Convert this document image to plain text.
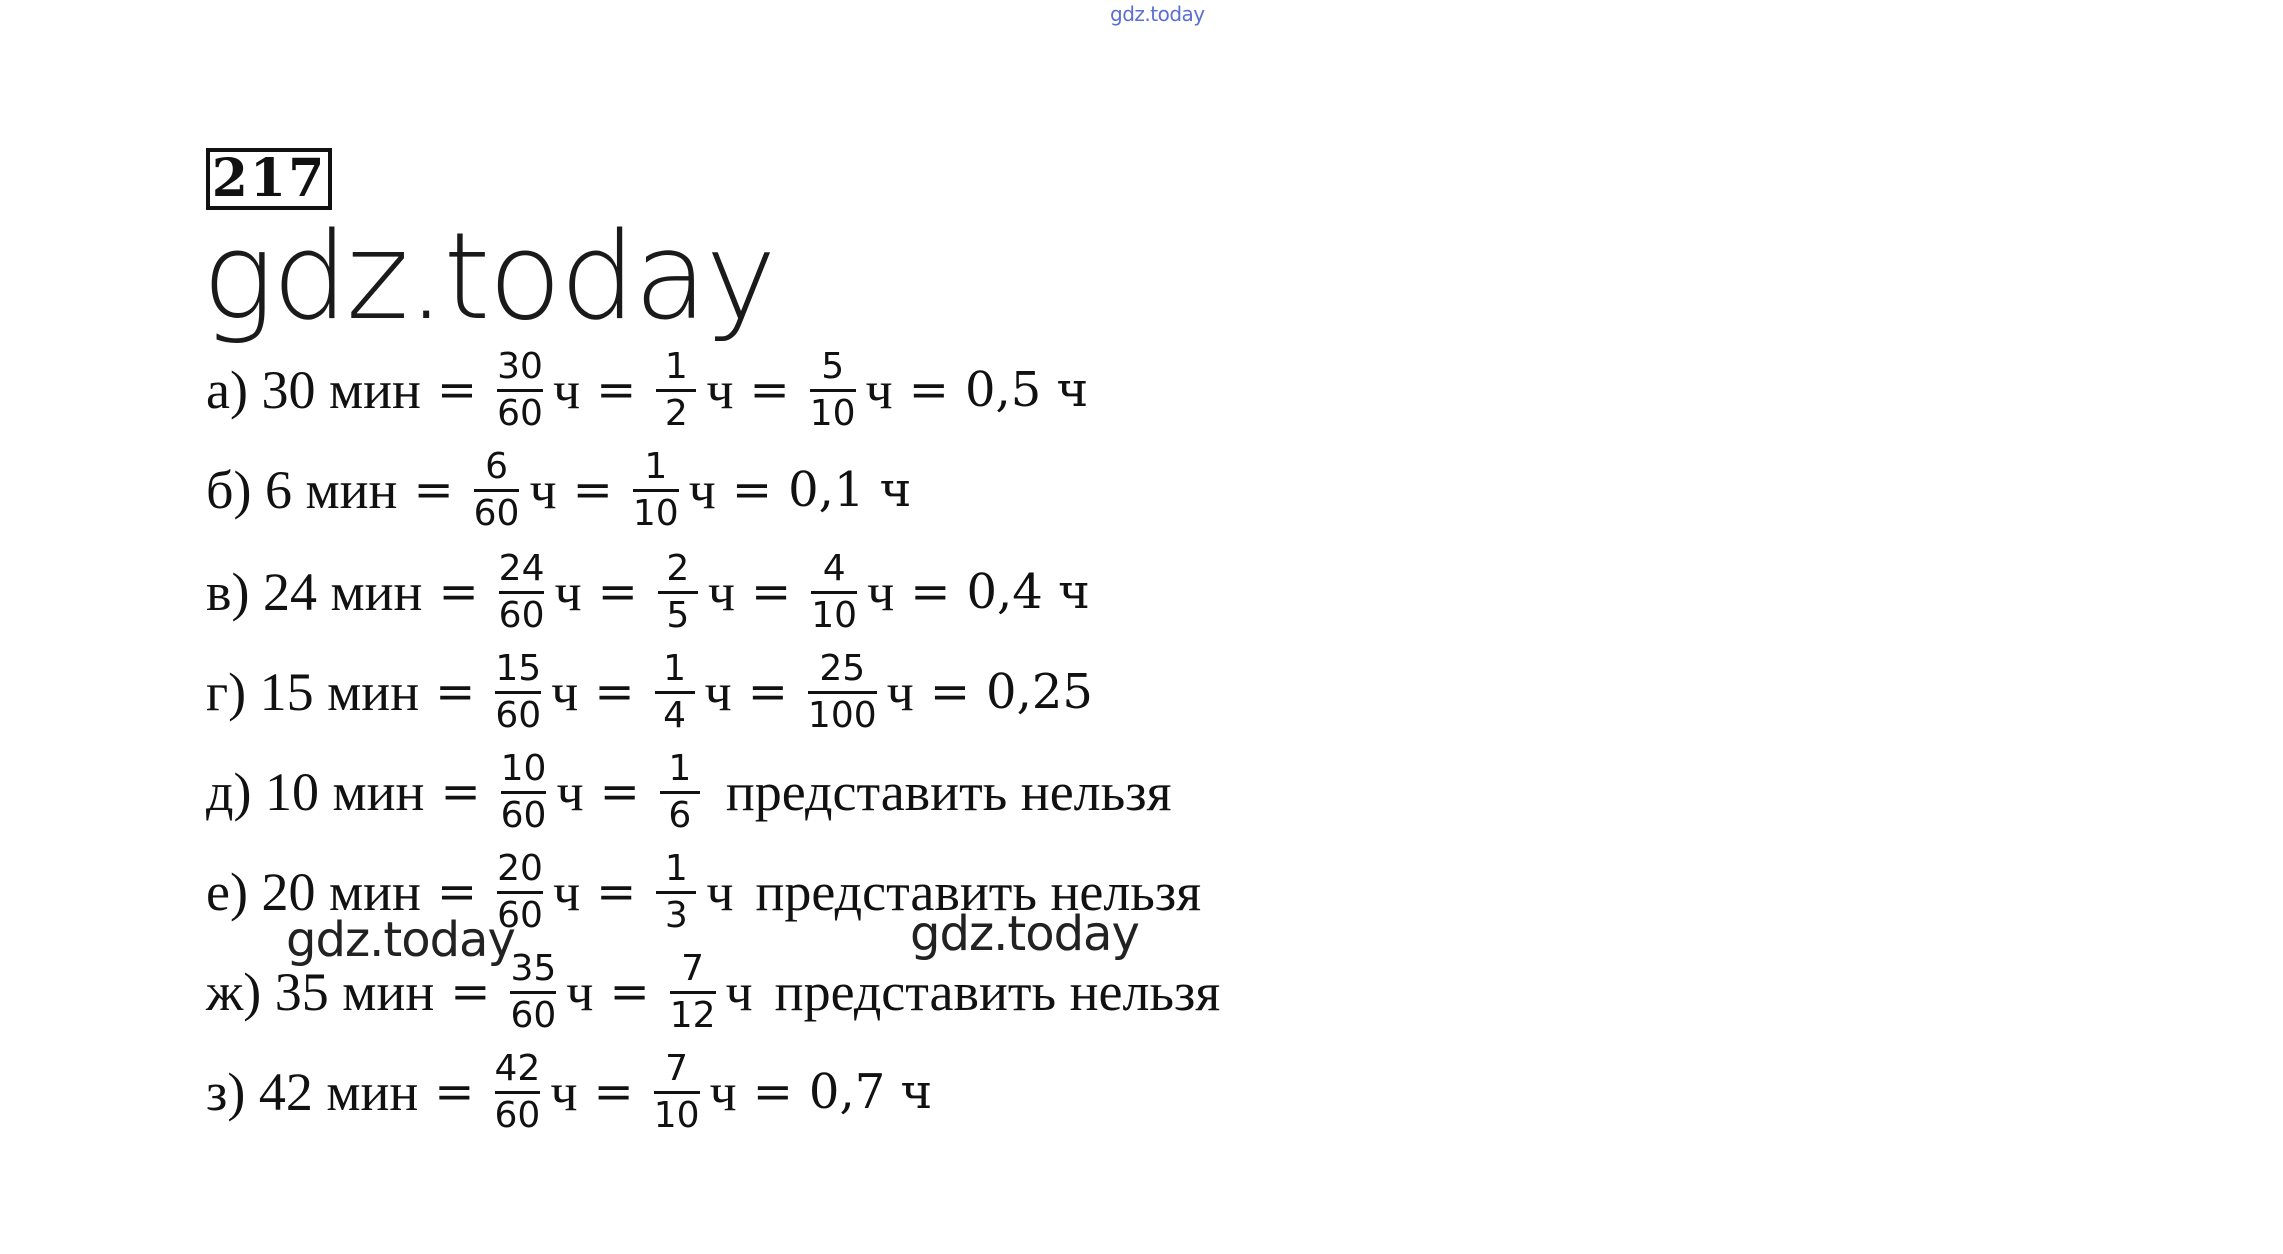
gdz.today
217
gdz.today
gdz.today	gdz.today
а) 30 мин = $\frac{30}{60}$ $ч = \frac{1}{2}$ $ч = \frac{5}{10}$ ч = 0,5 ч
б) 6 мин = $\frac{6}{60}$ $ч = \frac{1}{10}$ ч = 0,1 ч
в) 24 мин = $\frac{24}{60}$ $ч = \frac{2}{5}$ $ч = \frac{4}{10}$ ч = 0,4 ч
г) 15 мин = $\frac{15}{60}$ $ч = \frac{1}{4}$ $ч = \frac{25}{100}$ ч = 0,25
д) 10 мин = $\frac{10}{60}$ $ч = \frac{1}{6}$ представить нельзя
е) 20 мин = $\frac{20}{60}$ $ч = \frac{1}{3}$ ч представить нельзя
ж) 35 мин = $\frac{35}{60}$ $ч = \frac{7}{12}$ ч представить нельзя
з) 42 мин = $\frac{42}{60}$ $ч = \frac{7}{10}$ ч = 0,7 ч
